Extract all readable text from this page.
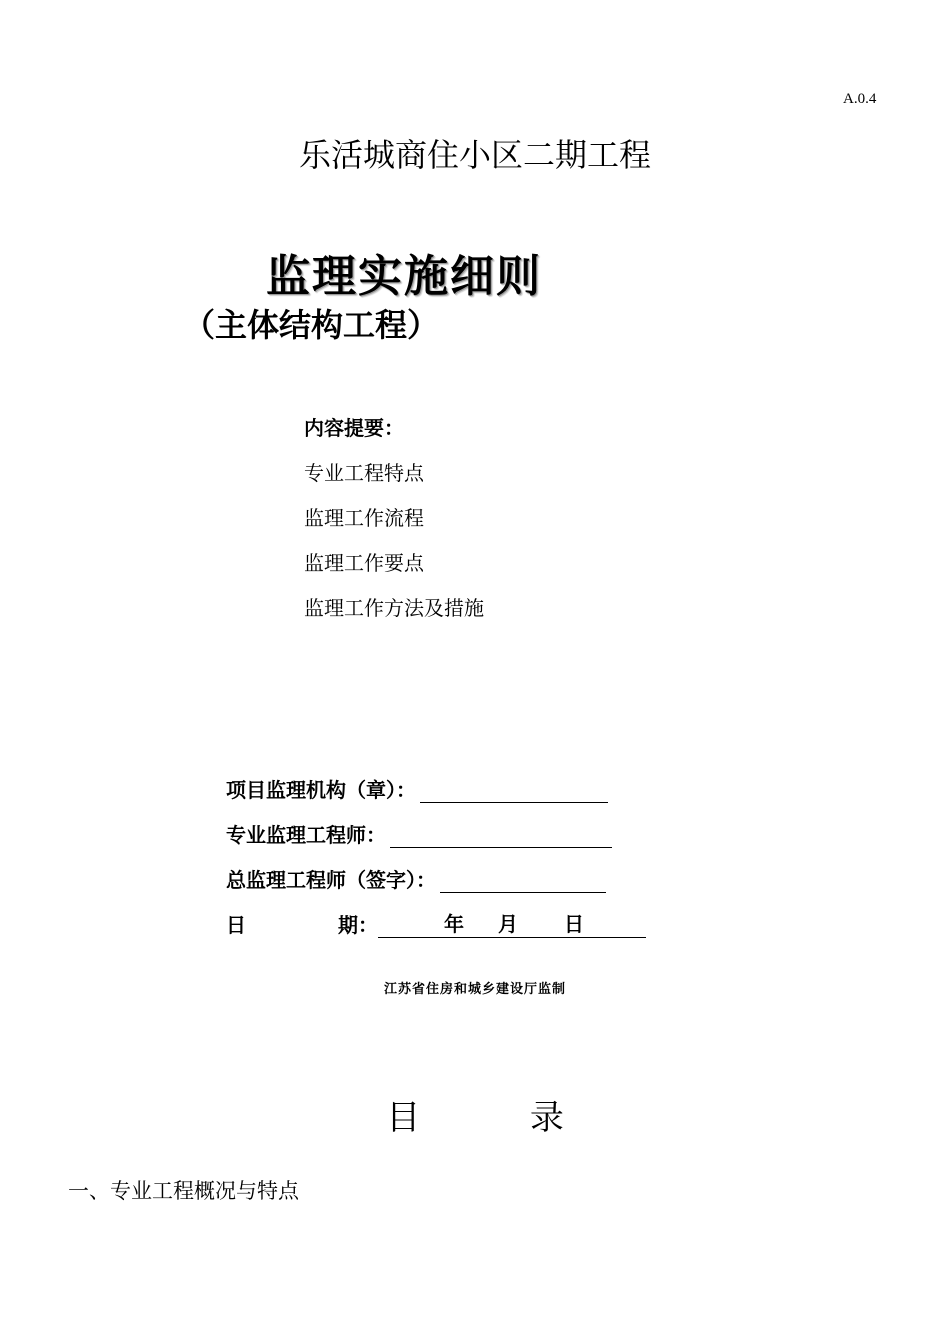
A.0.4
乐活城商住小区二期工程
监理实施细则
（主体结构工程）
内容提要：
专业工程特点
监理工作流程
监理工作要点
监理工作方法及措施
项目监理机构（章）：
专业监理工程师：
总监理工程师（签字）：
日	期：	年 月 日
江苏省住房和城乡建设厅监制
目	录
一、专业工程概况与特点
